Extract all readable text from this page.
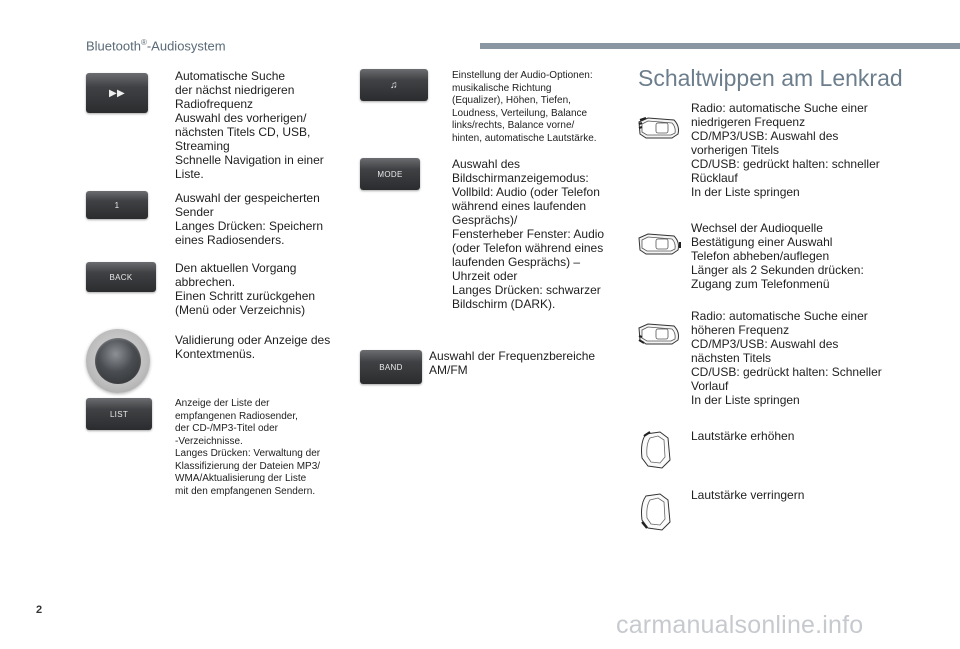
Bluetooth®-Audiosystem
▶▶
Automatische Suche
der nächst niedrigeren
Radiofrequenz
Auswahl des vorherigen/
nächsten Titels CD, USB,
Streaming
Schnelle Navigation in einer
Liste.
1	Auswahl der gespeicherten
Sender
Langes Drücken: Speichern
eines Radiosenders.
BACK
Den aktuellen Vorgang
abbrechen.
Einen Schritt zurückgehen
(Menü oder Verzeichnis)
Validierung oder Anzeige des
Kontextmenüs.
LIST
Anzeige der Liste der
empfangenen Radiosender,
der CD-/MP3-Titel oder
-Verzeichnisse.
Langes Drücken: Verwaltung der
Klassifizierung der Dateien MP3/
WMA/Aktualisierung der Liste
mit den empfangenen Sendern.
♫
Einstellung der Audio-Optionen:
musikalische Richtung
(Equalizer), Höhen, Tiefen,
Loudness, Verteilung, Balance
links/rechts, Balance vorne/
hinten, automatische Lautstärke.
MODE
Auswahl des
Bildschirmanzeigemodus:
Vollbild: Audio (oder Telefon
während eines laufenden
Gesprächs)/
Fensterheber Fenster: Audio
(oder Telefon während eines
laufenden Gesprächs) –
Uhrzeit oder
Langes Drücken: schwarzer
Bildschirm (DARK).
BAND
Auswahl der Frequenzbereiche
AM/FM
Schaltwippen am Lenkrad
Radio: automatische Suche einer
niedrigeren Frequenz
CD/MP3/USB: Auswahl des
vorherigen Titels
CD/USB: gedrückt halten: schneller
Rücklauf
In der Liste springen
Wechsel der Audioquelle
Bestätigung einer Auswahl
Telefon abheben/auflegen
Länger als 2 Sekunden drücken:
Zugang zum Telefonmenü
Radio: automatische Suche einer
höheren Frequenz
CD/MP3/USB: Auswahl des
nächsten Titels
CD/USB: gedrückt halten: Schneller
Vorlauf
In der Liste springen
Lautstärke erhöhen
Lautstärke verringern
2
carmanualsonline.info
